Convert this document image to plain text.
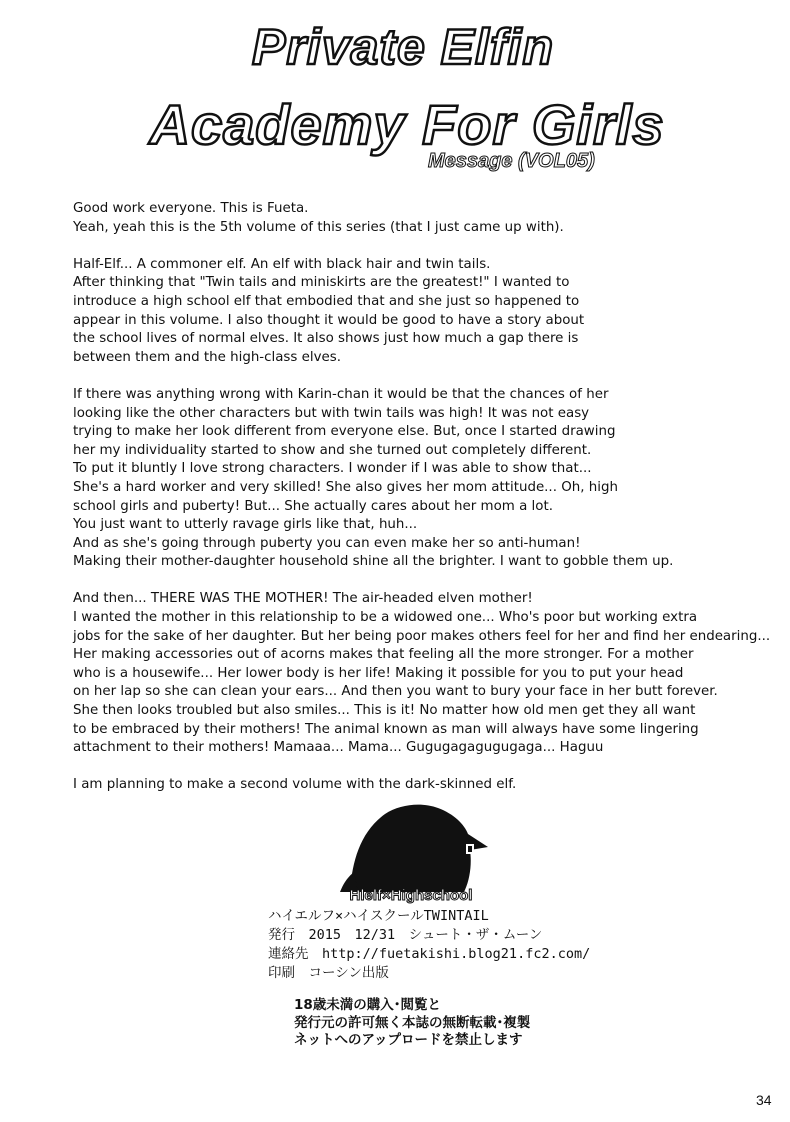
Private Elfin
Academy For Girls
Message (VOL05)

Good work everyone. This is Fueta.
Yeah, yeah this is the 5th volume of this series (that I just came up with).

Half-Elf... A commoner elf. An elf with black hair and twin tails.
After thinking that "Twin tails and miniskirts are the greatest!" I wanted to
introduce a high school elf that embodied that and she just so happened to
appear in this volume. I also thought it would be good to have a story about
the school lives of normal elves. It also shows just how much a gap there is
between them and the high-class elves.

If there was anything wrong with Karin-chan it would be that the chances of her
looking like the other characters but with twin tails was high! It was not easy
trying to make her look different from everyone else. But, once I started drawing
her my individuality started to show and she turned out completely different.
To put it bluntly I love strong characters. I wonder if I was able to show that...
She's a hard worker and very skilled! She also gives her mom attitude... Oh, high
school girls and puberty! But... She actually cares about her mom a lot.
You just want to utterly ravage girls like that, huh...
And as she's going through puberty you can even make her so anti-human!
Making their mother-daughter household shine all the brighter. I want to gobble them up.

And then... THERE WAS THE MOTHER! The air-headed elven mother!
I wanted the mother in this relationship to be a widowed one... Who's poor but working extra
jobs for the sake of her daughter. But her being poor makes others feel for her and find her endearing...
Her making accessories out of acorns makes that feeling all the more stronger. For a mother
who is a housewife... Her lower body is her life! Making it possible for you to put your head
on her lap so she can clean your ears... And then you want to bury your face in her butt forever.
She then looks troubled but also smiles... This is it! No matter how old men get they all want
to be embraced by their mothers! The animal known as man will always have some lingering
attachment to their mothers! Mamaaa... Mama... Gugugagagugugaga... Haguu

I am planning to make a second volume with the dark-skinned elf.

Hlelf×Highschool
ハイエルフ×ハイスクールTWINTAIL
発行　2015　12/31　シュート・ザ・ムーン
連絡先　http://fuetakishi.blog21.fc2.com/
印刷　コーシン出版
18歳未満の購入･閲覧と
発行元の許可無く本誌の無断転載･複製
ネットへのアップロードを禁止します
34
